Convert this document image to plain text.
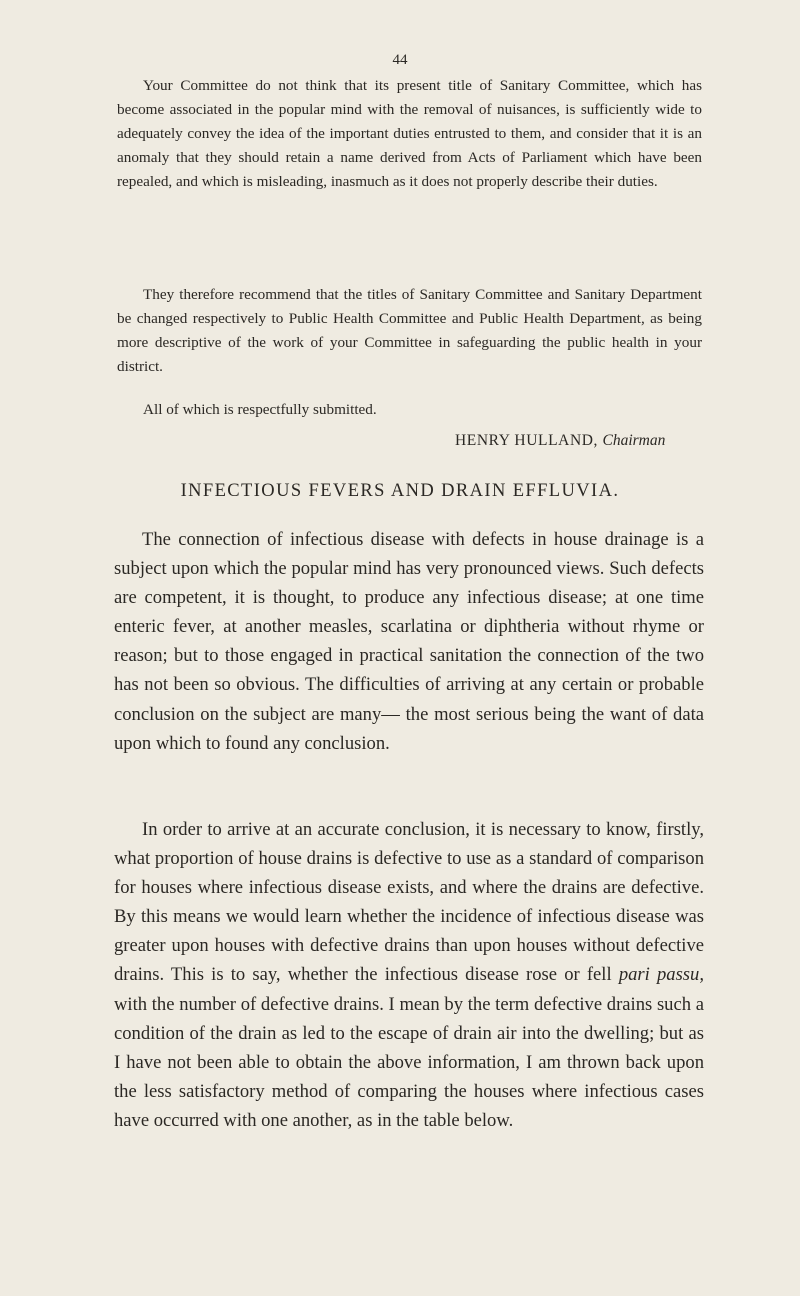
44

Your Committee do not think that its present title of Sanitary Committee, which has become associated in the popular mind with the removal of nuisances, is sufficiently wide to adequately convey the idea of the important duties entrusted to them, and consider that it is an anomaly that they should retain a name derived from Acts of Parliament which have been repealed, and which is misleading, inasmuch as it does not properly describe their duties.

They therefore recommend that the titles of Sanitary Committee and Sanitary Department be changed respectively to Public Health Committee and Public Health Department, as being more descriptive of the work of your Committee in safeguarding the public health in your district.

All of which is respectfully submitted.

HENRY HULLAND, Chairman
INFECTIOUS FEVERS AND DRAIN EFFLUVIA.

The connection of infectious disease with defects in house drainage is a subject upon which the popular mind has very pronounced views. Such defects are competent, it is thought, to produce any infectious disease; at one time enteric fever, at another measles, scarlatina or diphtheria without rhyme or reason; but to those engaged in practical sanitation the connection of the two has not been so obvious. The difficulties of arriving at any certain or probable conclusion on the subject are many— the most serious being the want of data upon which to found any conclusion.

In order to arrive at an accurate conclusion, it is necessary to know, firstly, what proportion of house drains is defective to use as a standard of comparison for houses where infectious disease exists, and where the drains are defective. By this means we would learn whether the incidence of infectious disease was greater upon houses with defective drains than upon houses without defective drains. This is to say, whether the infectious disease rose or fell pari passu, with the number of defective drains. I mean by the term defective drains such a condition of the drain as led to the escape of drain air into the dwelling; but as I have not been able to obtain the above information, I am thrown back upon the less satisfactory method of comparing the houses where infectious cases have occurred with one another, as in the table below.
